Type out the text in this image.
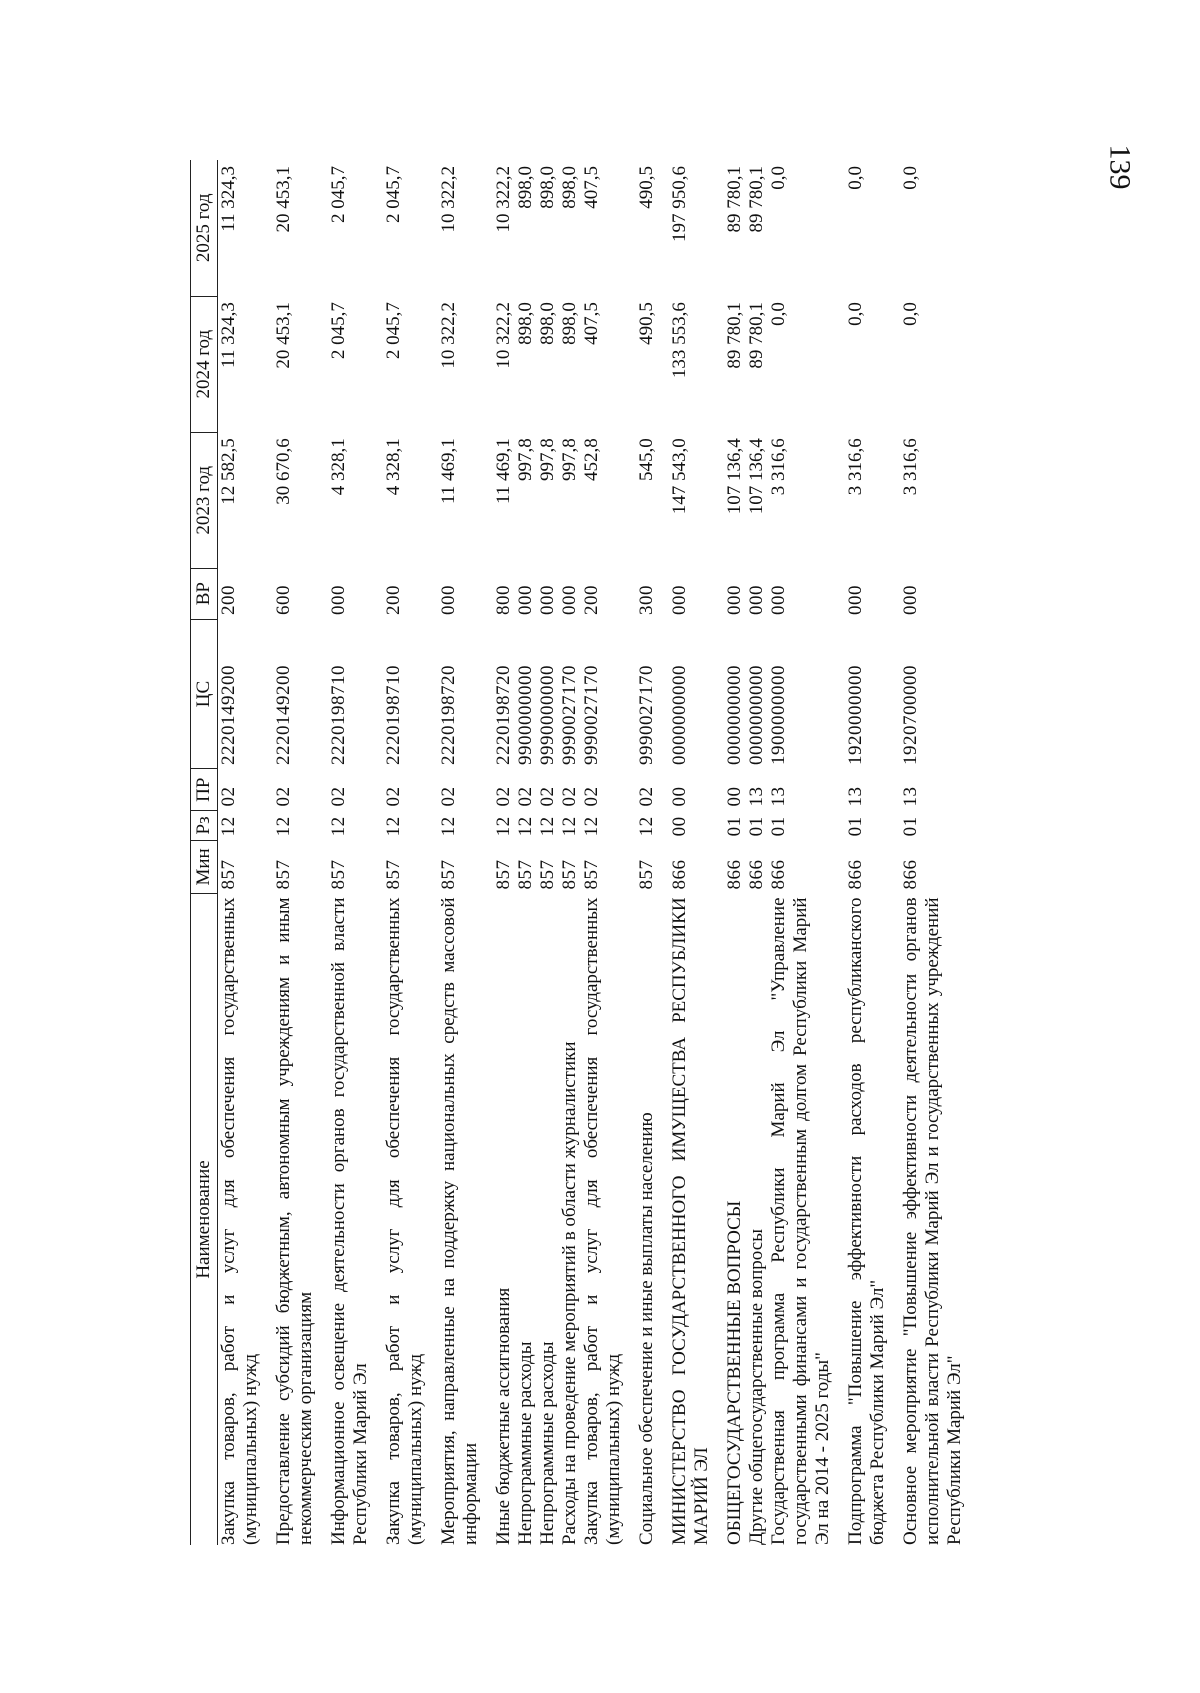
139
Наименование	Мин	Рз	ПР	ЦС	ВР	2023 год	2024 год	2025 год
Закупка товаров, работ и услуг для обеспечения государственных (муниципальных) нужд	857	12	02	2220149200	200	12 582,5	11 324,3	11 324,3
Предоставление субсидий бюджетным, автономным учреждениям и иным некоммерческим организациям	857	12	02	2220149200	600	30 670,6	20 453,1	20 453,1
Информационное освещение деятельности органов государственной власти Республики Марий Эл	857	12	02	2220198710	000	4 328,1	2 045,7	2 045,7
Закупка товаров, работ и услуг для обеспечения государственных (муниципальных) нужд	857	12	02	2220198710	200	4 328,1	2 045,7	2 045,7
Мероприятия, направленные на поддержку национальных средств массовой информации	857	12	02	2220198720	000	11 469,1	10 322,2	10 322,2
Иные бюджетные ассигнования	857	12	02	2220198720	800	11 469,1	10 322,2	10 322,2
Непрограммные расходы	857	12	02	9900000000	000	997,8	898,0	898,0
Непрограммные расходы	857	12	02	9990000000	000	997,8	898,0	898,0
Расходы на проведение мероприятий в области журналистики	857	12	02	9990027170	000	997,8	898,0	898,0
Закупка товаров, работ и услуг для обеспечения государственных (муниципальных) нужд	857	12	02	9990027170	200	452,8	407,5	407,5
Социальное обеспечение и иные выплаты населению	857	12	02	9990027170	300	545,0	490,5	490,5
МИНИСТЕРСТВО ГОСУДАРСТВЕННОГО ИМУЩЕСТВА РЕСПУБЛИКИ МАРИЙ ЭЛ	866	00	00	0000000000	000	147 543,0	133 553,6	197 950,6
ОБЩЕГОСУДАРСТВЕННЫЕ ВОПРОСЫ	866	01	00	0000000000	000	107 136,4	89 780,1	89 780,1
Другие общегосударственные вопросы	866	01	13	0000000000	000	107 136,4	89 780,1	89 780,1
Государственная программа Республики Марий Эл "Управление государственными финансами и государственным долгом Республики Марий Эл на 2014 - 2025 годы"	866	01	13	1900000000	000	3 316,6	0,0	0,0
Подпрограмма "Повышение эффективности расходов республиканского бюджета Республики Марий Эл"	866	01	13	1920000000	000	3 316,6	0,0	0,0
Основное мероприятие "Повышение эффективности деятельности органов исполнительной власти Республики Марий Эл и государственных учреждений Республики Марий Эл"	866	01	13	1920700000	000	3 316,6	0,0	0,0
